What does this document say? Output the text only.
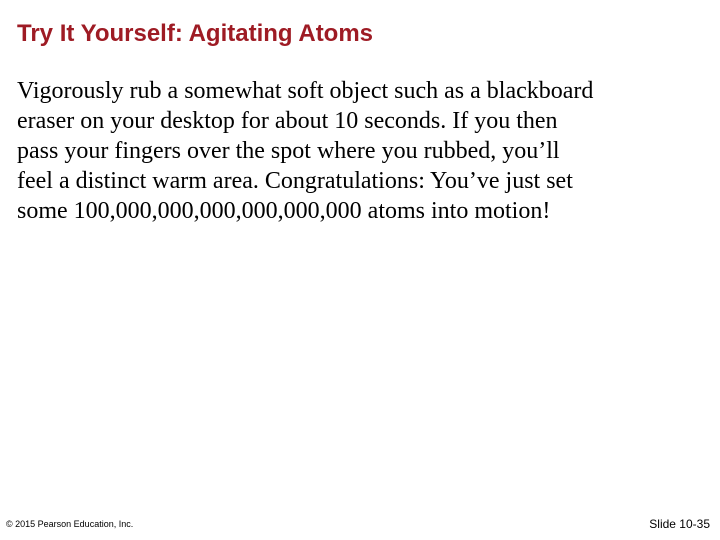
Try It Yourself: Agitating Atoms
Vigorously rub a somewhat soft object such as a blackboard
eraser on your desktop for about 10 seconds. If you then
pass your fingers over the spot where you rubbed, you’ll
feel a distinct warm area. Congratulations: You’ve just set
some 100,000,000,000,000,000,000 atoms into motion!
© 2015 Pearson Education, Inc.	Slide 10-35
